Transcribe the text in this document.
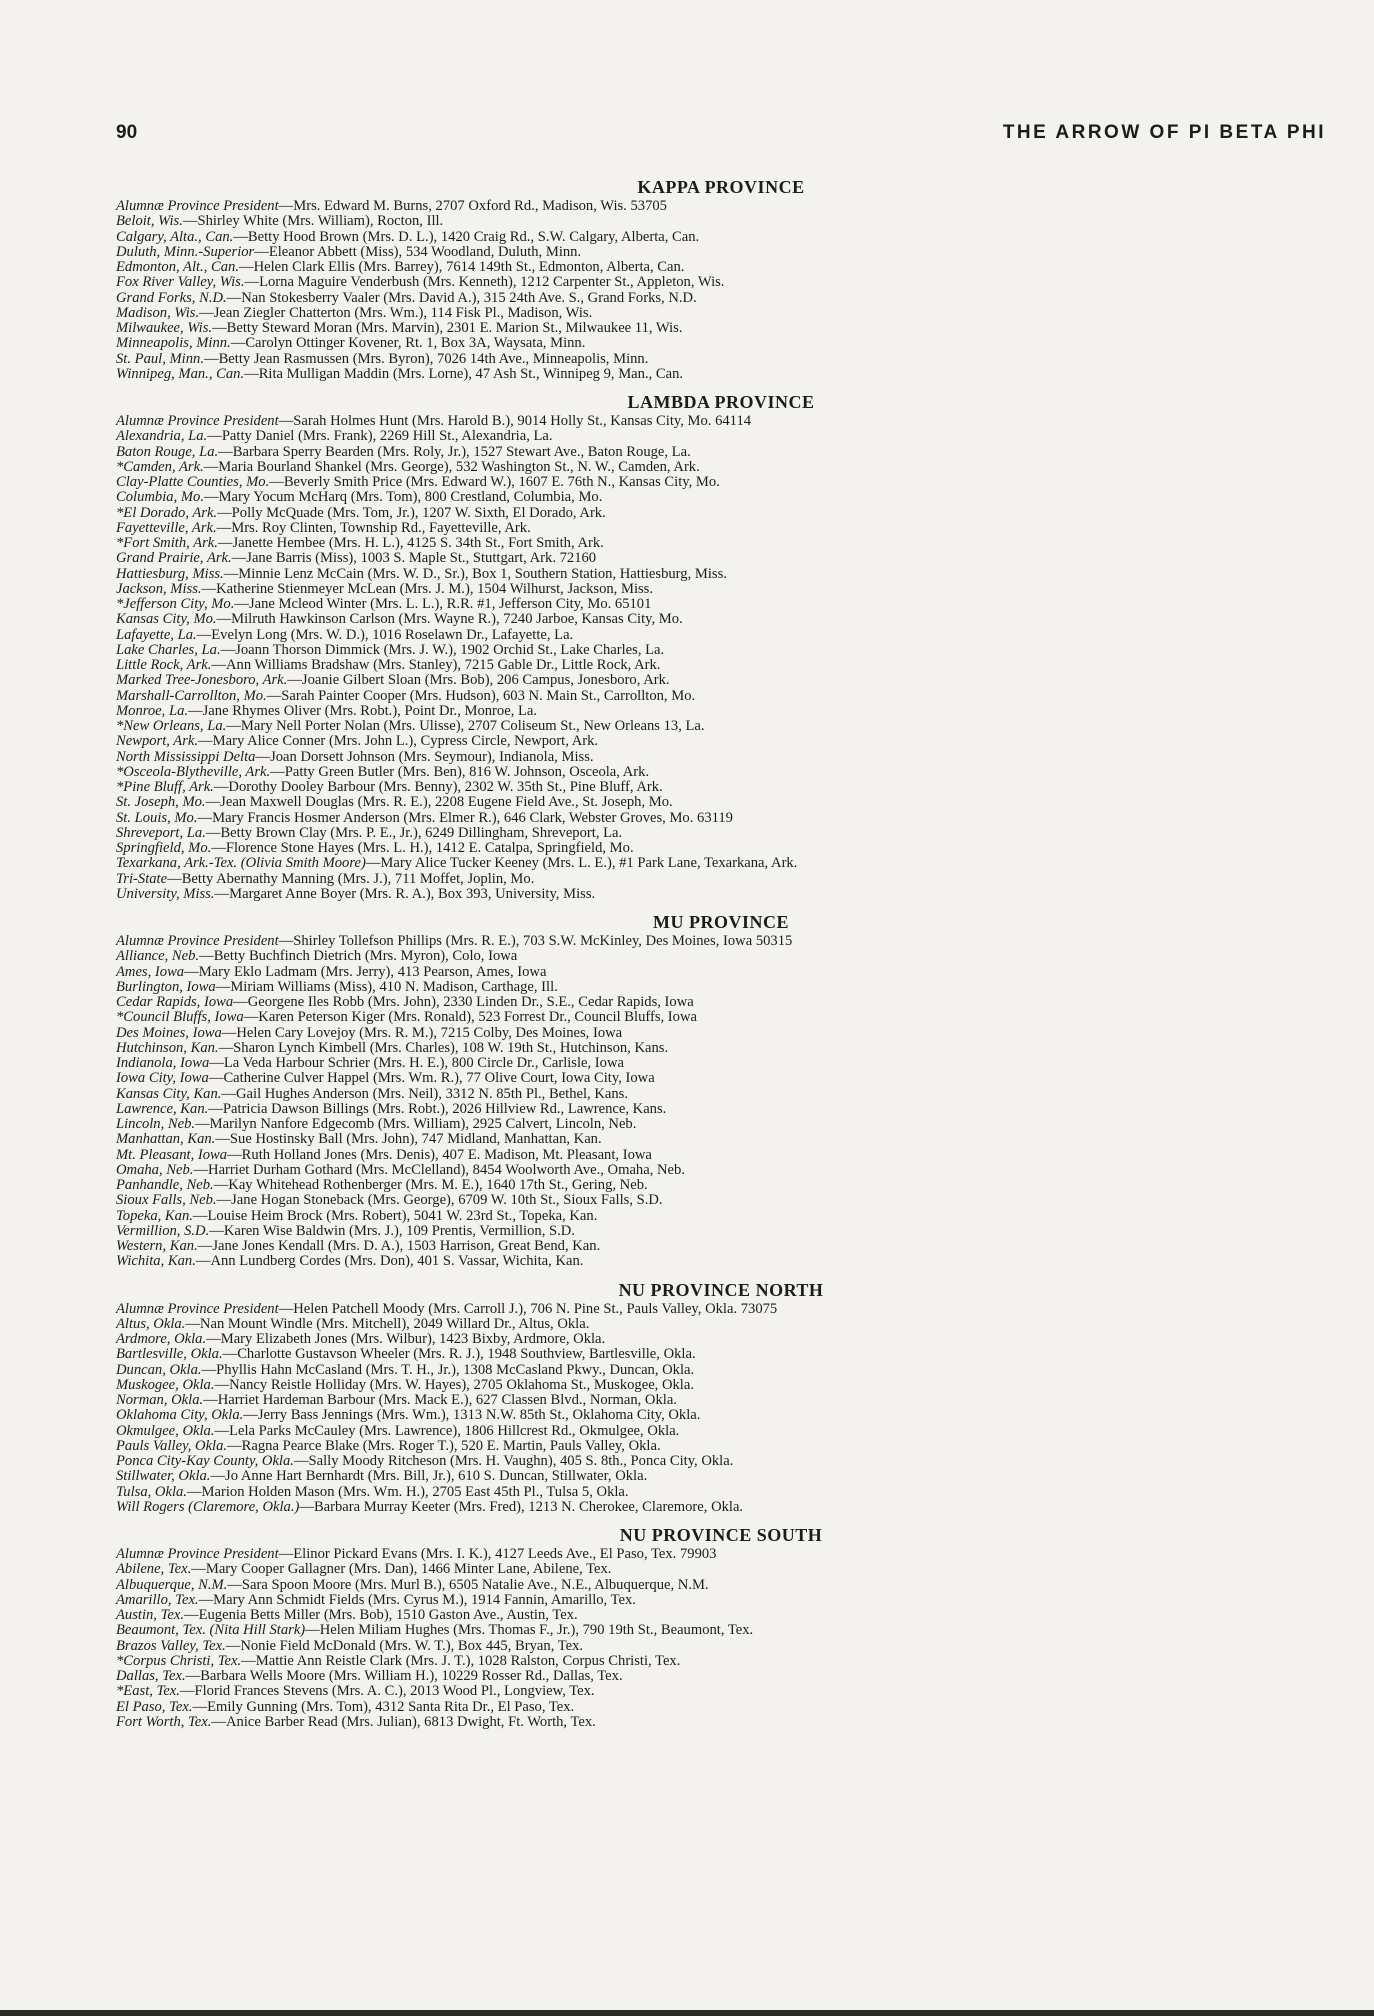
90	THE ARROW OF PI BETA PHI
KAPPA PROVINCE
Alumnæ Province President—Mrs. Edward M. Burns, 2707 Oxford Rd., Madison, Wis. 53705
Beloit, Wis.—Shirley White (Mrs. William), Rocton, Ill.
Calgary, Alta., Can.—Betty Hood Brown (Mrs. D. L.), 1420 Craig Rd., S.W. Calgary, Alberta, Can.
Duluth, Minn.-Superior—Eleanor Abbett (Miss), 534 Woodland, Duluth, Minn.
Edmonton, Alt., Can.—Helen Clark Ellis (Mrs. Barrey), 7614 149th St., Edmonton, Alberta, Can.
Fox River Valley, Wis.—Lorna Maguire Venderbush (Mrs. Kenneth), 1212 Carpenter St., Appleton, Wis.
Grand Forks, N.D.—Nan Stokesberry Vaaler (Mrs. David A.), 315 24th Ave. S., Grand Forks, N.D.
Madison, Wis.—Jean Ziegler Chatterton (Mrs. Wm.), 114 Fisk Pl., Madison, Wis.
Milwaukee, Wis.—Betty Steward Moran (Mrs. Marvin), 2301 E. Marion St., Milwaukee 11, Wis.
Minneapolis, Minn.—Carolyn Ottinger Kovener, Rt. 1, Box 3A, Waysata, Minn.
St. Paul, Minn.—Betty Jean Rasmussen (Mrs. Byron), 7026 14th Ave., Minneapolis, Minn.
Winnipeg, Man., Can.—Rita Mulligan Maddin (Mrs. Lorne), 47 Ash St., Winnipeg 9, Man., Can.
LAMBDA PROVINCE
Alumnæ Province President—Sarah Holmes Hunt (Mrs. Harold B.), 9014 Holly St., Kansas City, Mo. 64114
Alexandria, La.—Patty Daniel (Mrs. Frank), 2269 Hill St., Alexandria, La.
Baton Rouge, La.—Barbara Sperry Bearden (Mrs. Roly, Jr.), 1527 Stewart Ave., Baton Rouge, La.
*Camden, Ark.—Maria Bourland Shankel (Mrs. George), 532 Washington St., N. W., Camden, Ark.
Clay-Platte Counties, Mo.—Beverly Smith Price (Mrs. Edward W.), 1607 E. 76th N., Kansas City, Mo.
Columbia, Mo.—Mary Yocum McHarq (Mrs. Tom), 800 Crestland, Columbia, Mo.
*El Dorado, Ark.—Polly McQuade (Mrs. Tom, Jr.), 1207 W. Sixth, El Dorado, Ark.
Fayetteville, Ark.—Mrs. Roy Clinten, Township Rd., Fayetteville, Ark.
*Fort Smith, Ark.—Janette Hembee (Mrs. H. L.), 4125 S. 34th St., Fort Smith, Ark.
Grand Prairie, Ark.—Jane Barris (Miss), 1003 S. Maple St., Stuttgart, Ark. 72160
Hattiesburg, Miss.—Minnie Lenz McCain (Mrs. W. D., Sr.), Box 1, Southern Station, Hattiesburg, Miss.
Jackson, Miss.—Katherine Stienmeyer McLean (Mrs. J. M.), 1504 Wilhurst, Jackson, Miss.
*Jefferson City, Mo.—Jane Mcleod Winter (Mrs. L. L.), R.R. #1, Jefferson City, Mo. 65101
Kansas City, Mo.—Milruth Hawkinson Carlson (Mrs. Wayne R.), 7240 Jarboe, Kansas City, Mo.
Lafayette, La.—Evelyn Long (Mrs. W. D.), 1016 Roselawn Dr., Lafayette, La.
Lake Charles, La.—Joann Thorson Dimmick (Mrs. J. W.), 1902 Orchid St., Lake Charles, La.
Little Rock, Ark.—Ann Williams Bradshaw (Mrs. Stanley), 7215 Gable Dr., Little Rock, Ark.
Marked Tree-Jonesboro, Ark.—Joanie Gilbert Sloan (Mrs. Bob), 206 Campus, Jonesboro, Ark.
Marshall-Carrollton, Mo.—Sarah Painter Cooper (Mrs. Hudson), 603 N. Main St., Carrollton, Mo.
Monroe, La.—Jane Rhymes Oliver (Mrs. Robt.), Point Dr., Monroe, La.
*New Orleans, La.—Mary Nell Porter Nolan (Mrs. Ulisse), 2707 Coliseum St., New Orleans 13, La.
Newport, Ark.—Mary Alice Conner (Mrs. John L.), Cypress Circle, Newport, Ark.
North Mississippi Delta—Joan Dorsett Johnson (Mrs. Seymour), Indianola, Miss.
*Osceola-Blytheville, Ark.—Patty Green Butler (Mrs. Ben), 816 W. Johnson, Osceola, Ark.
*Pine Bluff, Ark.—Dorothy Dooley Barbour (Mrs. Benny), 2302 W. 35th St., Pine Bluff, Ark.
St. Joseph, Mo.—Jean Maxwell Douglas (Mrs. R. E.), 2208 Eugene Field Ave., St. Joseph, Mo.
St. Louis, Mo.—Mary Francis Hosmer Anderson (Mrs. Elmer R.), 646 Clark, Webster Groves, Mo. 63119
Shreveport, La.—Betty Brown Clay (Mrs. P. E., Jr.), 6249 Dillingham, Shreveport, La.
Springfield, Mo.—Florence Stone Hayes (Mrs. L. H.), 1412 E. Catalpa, Springfield, Mo.
Texarkana, Ark.-Tex. (Olivia Smith Moore)—Mary Alice Tucker Keeney (Mrs. L. E.), #1 Park Lane, Texarkana, Ark.
Tri-State—Betty Abernathy Manning (Mrs. J.), 711 Moffet, Joplin, Mo.
University, Miss.—Margaret Anne Boyer (Mrs. R. A.), Box 393, University, Miss.
MU PROVINCE
Alumnæ Province President—Shirley Tollefson Phillips (Mrs. R. E.), 703 S.W. McKinley, Des Moines, Iowa 50315
Alliance, Neb.—Betty Buchfinch Dietrich (Mrs. Myron), Colo, Iowa
Ames, Iowa—Mary Eklo Ladmam (Mrs. Jerry), 413 Pearson, Ames, Iowa
Burlington, Iowa—Miriam Williams (Miss), 410 N. Madison, Carthage, Ill.
Cedar Rapids, Iowa—Georgene Iles Robb (Mrs. John), 2330 Linden Dr., S.E., Cedar Rapids, Iowa
*Council Bluffs, Iowa—Karen Peterson Kiger (Mrs. Ronald), 523 Forrest Dr., Council Bluffs, Iowa
Des Moines, Iowa—Helen Cary Lovejoy (Mrs. R. M.), 7215 Colby, Des Moines, Iowa
Hutchinson, Kan.—Sharon Lynch Kimbell (Mrs. Charles), 108 W. 19th St., Hutchinson, Kans.
Indianola, Iowa—La Veda Harbour Schrier (Mrs. H. E.), 800 Circle Dr., Carlisle, Iowa
Iowa City, Iowa—Catherine Culver Happel (Mrs. Wm. R.), 77 Olive Court, Iowa City, Iowa
Kansas City, Kan.—Gail Hughes Anderson (Mrs. Neil), 3312 N. 85th Pl., Bethel, Kans.
Lawrence, Kan.—Patricia Dawson Billings (Mrs. Robt.), 2026 Hillview Rd., Lawrence, Kans.
Lincoln, Neb.—Marilyn Nanfore Edgecomb (Mrs. William), 2925 Calvert, Lincoln, Neb.
Manhattan, Kan.—Sue Hostinsky Ball (Mrs. John), 747 Midland, Manhattan, Kan.
Mt. Pleasant, Iowa—Ruth Holland Jones (Mrs. Denis), 407 E. Madison, Mt. Pleasant, Iowa
Omaha, Neb.—Harriet Durham Gothard (Mrs. McClelland), 8454 Woolworth Ave., Omaha, Neb.
Panhandle, Neb.—Kay Whitehead Rothenberger (Mrs. M. E.), 1640 17th St., Gering, Neb.
Sioux Falls, Neb.—Jane Hogan Stoneback (Mrs. George), 6709 W. 10th St., Sioux Falls, S.D.
Topeka, Kan.—Louise Heim Brock (Mrs. Robert), 5041 W. 23rd St., Topeka, Kan.
Vermillion, S.D.—Karen Wise Baldwin (Mrs. J.), 109 Prentis, Vermillion, S.D.
Western, Kan.—Jane Jones Kendall (Mrs. D. A.), 1503 Harrison, Great Bend, Kan.
Wichita, Kan.—Ann Lundberg Cordes (Mrs. Don), 401 S. Vassar, Wichita, Kan.
NU PROVINCE NORTH
Alumnæ Province President—Helen Patchell Moody (Mrs. Carroll J.), 706 N. Pine St., Pauls Valley, Okla. 73075
Altus, Okla.—Nan Mount Windle (Mrs. Mitchell), 2049 Willard Dr., Altus, Okla.
Ardmore, Okla.—Mary Elizabeth Jones (Mrs. Wilbur), 1423 Bixby, Ardmore, Okla.
Bartlesville, Okla.—Charlotte Gustavson Wheeler (Mrs. R. J.), 1948 Southview, Bartlesville, Okla.
Duncan, Okla.—Phyllis Hahn McCasland (Mrs. T. H., Jr.), 1308 McCasland Pkwy., Duncan, Okla.
Muskogee, Okla.—Nancy Reistle Holliday (Mrs. W. Hayes), 2705 Oklahoma St., Muskogee, Okla.
Norman, Okla.—Harriet Hardeman Barbour (Mrs. Mack E.), 627 Classen Blvd., Norman, Okla.
Oklahoma City, Okla.—Jerry Bass Jennings (Mrs. Wm.), 1313 N.W. 85th St., Oklahoma City, Okla.
Okmulgee, Okla.—Lela Parks McCauley (Mrs. Lawrence), 1806 Hillcrest Rd., Okmulgee, Okla.
Pauls Valley, Okla.—Ragna Pearce Blake (Mrs. Roger T.), 520 E. Martin, Pauls Valley, Okla.
Ponca City-Kay County, Okla.—Sally Moody Ritcheson (Mrs. H. Vaughn), 405 S. 8th., Ponca City, Okla.
Stillwater, Okla.—Jo Anne Hart Bernhardt (Mrs. Bill, Jr.), 610 S. Duncan, Stillwater, Okla.
Tulsa, Okla.—Marion Holden Mason (Mrs. Wm. H.), 2705 East 45th Pl., Tulsa 5, Okla.
Will Rogers (Claremore, Okla.)—Barbara Murray Keeter (Mrs. Fred), 1213 N. Cherokee, Claremore, Okla.
NU PROVINCE SOUTH
Alumnæ Province President—Elinor Pickard Evans (Mrs. I. K.), 4127 Leeds Ave., El Paso, Tex. 79903
Abilene, Tex.—Mary Cooper Gallagner (Mrs. Dan), 1466 Minter Lane, Abilene, Tex.
Albuquerque, N.M.—Sara Spoon Moore (Mrs. Murl B.), 6505 Natalie Ave., N.E., Albuquerque, N.M.
Amarillo, Tex.—Mary Ann Schmidt Fields (Mrs. Cyrus M.), 1914 Fannin, Amarillo, Tex.
Austin, Tex.—Eugenia Betts Miller (Mrs. Bob), 1510 Gaston Ave., Austin, Tex.
Beaumont, Tex. (Nita Hill Stark)—Helen Miliam Hughes (Mrs. Thomas F., Jr.), 790 19th St., Beaumont, Tex.
Brazos Valley, Tex.—Nonie Field McDonald (Mrs. W. T.), Box 445, Bryan, Tex.
*Corpus Christi, Tex.—Mattie Ann Reistle Clark (Mrs. J. T.), 1028 Ralston, Corpus Christi, Tex.
Dallas, Tex.—Barbara Wells Moore (Mrs. William H.), 10229 Rosser Rd., Dallas, Tex.
*East, Tex.—Florid Frances Stevens (Mrs. A. C.), 2013 Wood Pl., Longview, Tex.
El Paso, Tex.—Emily Gunning (Mrs. Tom), 4312 Santa Rita Dr., El Paso, Tex.
Fort Worth, Tex.—Anice Barber Read (Mrs. Julian), 6813 Dwight, Ft. Worth, Tex.
